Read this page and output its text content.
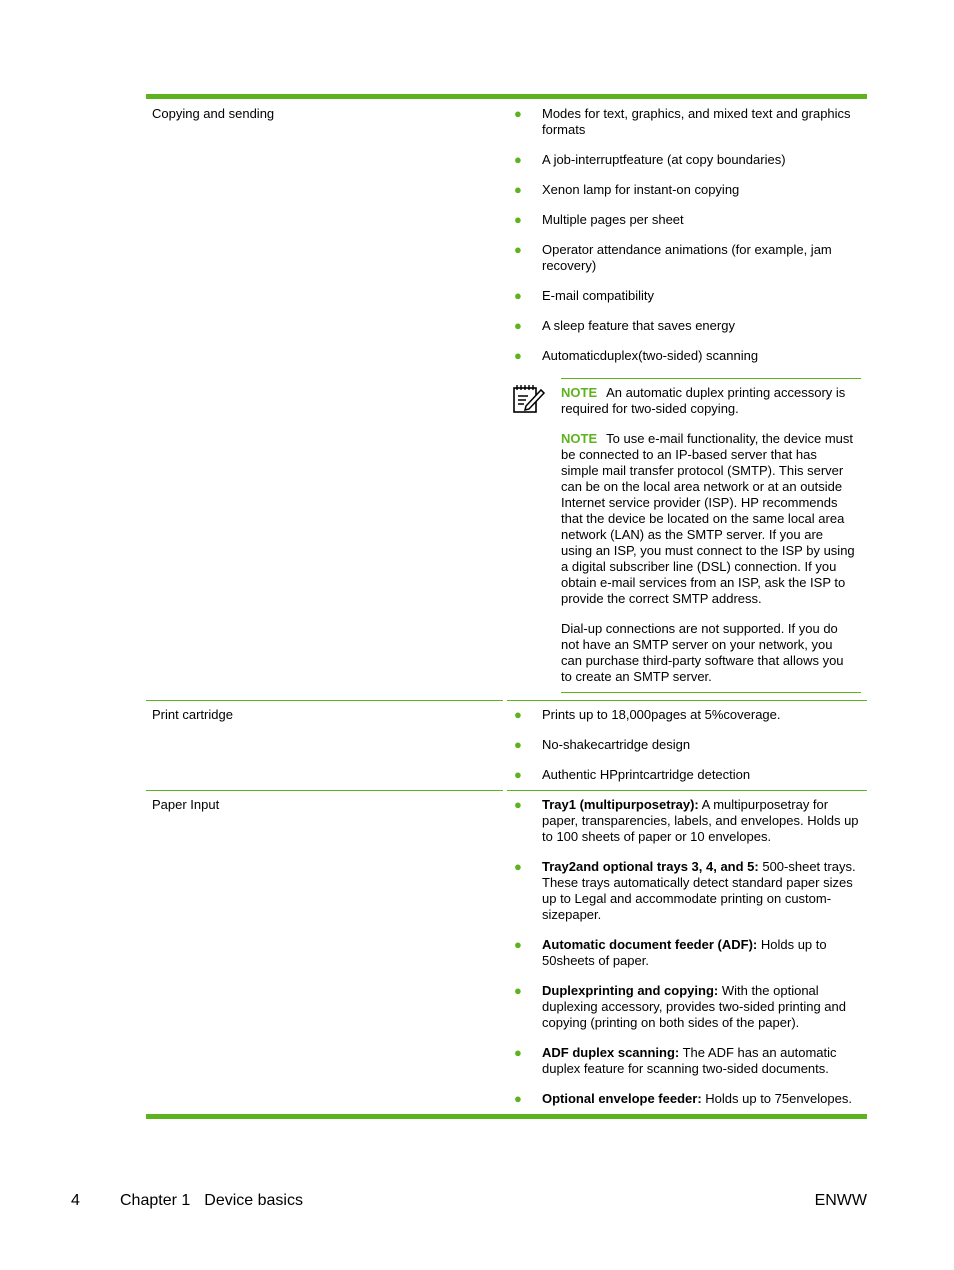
Copying and sending	● Modes for text, graphics, and mixed text and graphics formats
● A job-interruptfeature (at copy boundaries)
● Xenon lamp for instant-on copying
● Multiple pages per sheet
● Operator attendance animations (for example, jam recovery)
● E-mail compatibility
● A sleep feature that saves energy
● Automaticduplex(two-sided) scanning

NOTE An automatic duplex printing accessory is required for two-sided copying.

NOTE To use e-mail functionality, the device must be connected to an IP-based server that has simple mail transfer protocol (SMTP). This server can be on the local area network or at an outside Internet service provider (ISP). HP recommends that the device be located on the same local area network (LAN) as the SMTP server. If you are using an ISP, you must connect to the ISP by using a digital subscriber line (DSL) connection. If you obtain e-mail services from an ISP, ask the ISP to provide the correct SMTP address.

Dial-up connections are not supported. If you do not have an SMTP server on your network, you can purchase third-party software that allows you to create an SMTP server.

Print cartridge	● Prints up to 18,000pages at 5%coverage.
● No-shakecartridge design
● Authentic HPprintcartridge detection
Paper Input	● Tray1 (multipurposetray): A multipurposetray for paper, transparencies, labels, and envelopes. Holds up to 100 sheets of paper or 10 envelopes.
● Tray2and optional trays 3, 4, and 5: 500-sheet trays. These trays automatically detect standard paper sizes up to Legal and accommodate printing on custom-sizepaper.
● Automatic document feeder (ADF): Holds up to 50sheets of paper.
● Duplexprinting and copying: With the optional duplexing accessory, provides two-sided printing and copying (printing on both sides of the paper).
● ADF duplex scanning: The ADF has an automatic duplex feature for scanning two-sided documents.
● Optional envelope feeder: Holds up to 75envelopes.
4	Chapter 1 Device basics	ENWW
